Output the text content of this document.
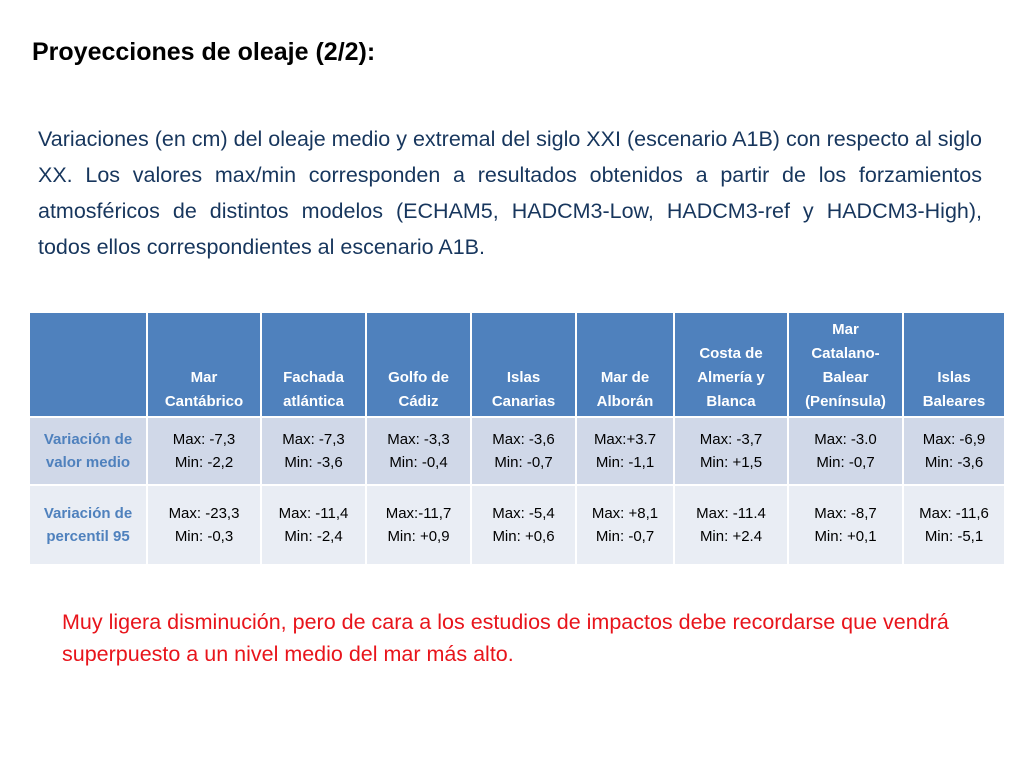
Proyecciones de oleaje (2/2):
Variaciones (en cm) del oleaje medio y extremal del siglo XXI (escenario A1B) con respecto al siglo XX. Los valores max/min corresponden a resultados obtenidos a partir de los forzamientos atmosféricos de distintos modelos (ECHAM5, HADCM3-Low, HADCM3-ref y HADCM3-High), todos ellos correspondientes al escenario A1B.
	Mar
Cantábrico	Fachada
atlántica	Golfo de
Cádiz	Islas
Canarias	Mar de
Alborán	Costa de
Almería y
Blanca	Mar
Catalano-
Balear
(Península)	Islas
Baleares
Variación de
valor medio	Max: -7,3
Min: -2,2	Max: -7,3
Min: -3,6	Max: -3,3
Min: -0,4	Max: -3,6
Min: -0,7	Max:+3.7
Min: -1,1	Max: -3,7
Min: +1,5	Max: -3.0
Min: -0,7	Max: -6,9
Min: -3,6

Variación de
percentil 95	Max: -23,3
Min: -0,3	Max: -11,4
Min: -2,4	Max:-11,7
Min: +0,9	Max: -5,4
Min: +0,6	Max: +8,1
Min: -0,7	Max: -11.4
Min: +2.4	Max: -8,7
Min: +0,1	Max: -11,6
Min: -5,1
Muy ligera disminución, pero de cara a los estudios de impactos debe recordarse que vendrá superpuesto a un nivel medio del mar más alto.
